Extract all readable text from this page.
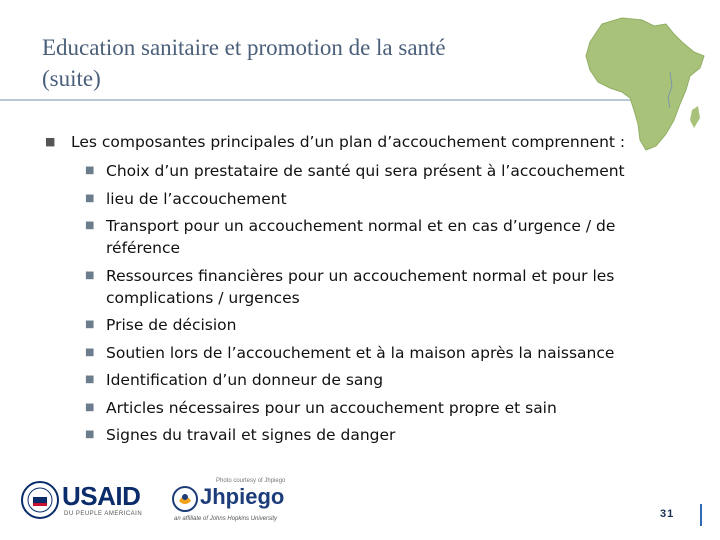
Education sanitaire et promotion de la santé
(suite)
■ Les composantes principales d’un plan d’accouchement comprennent :
■ Choix d’un prestataire de santé qui sera présent à l’accouchement
■ lieu de l’accouchement
■ Transport pour un accouchement normal et en cas d’urgence / de référence
■ Ressources financières pour un accouchement normal et pour les complications / urgences
■ Prise de décision
■ Soutien lors de l’accouchement et à la maison après la naissance
■ Identification d’un donneur de sang
■ Articles nécessaires pour un accouchement propre et sain
■ Signes du travail et signes de danger
USAID
DU PEUPLE AMERICAIN
Photo courtesy of Jhpiego
Jhpiego
an affiliate of Johns Hopkins University	31
